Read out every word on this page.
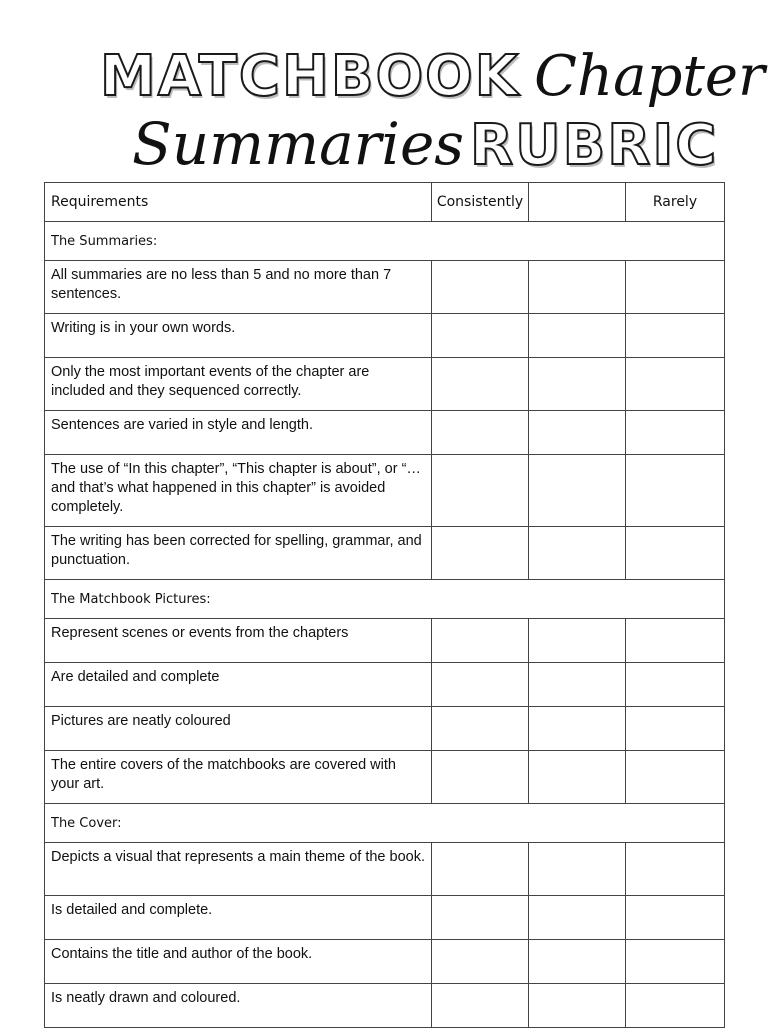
MATCHBOOK Chapter
Summaries RUBRIC
Requirements	Consistently		Rarely
The Summaries:			
All summaries are no less than 5 and no more than 7 sentences.			
Writing is in your own words.			
Only the most important events of the chapter are included and they sequenced correctly.			
Sentences are varied in style and length.			
The use of “In this chapter”, “This chapter is about”, or “…and that’s what happened in this chapter” is avoided completely.			
The writing has been corrected for spelling, grammar, and punctuation.			
The Matchbook Pictures:			
Represent scenes or events from the chapters			
Are detailed and complete			
Pictures are neatly coloured			
The entire covers of the matchbooks are covered with your art.			
The Cover:			
Depicts a visual that represents a main theme of the book.			
Is detailed and complete.			
Contains the title and author of the book.			
Is neatly drawn and coloured.			
